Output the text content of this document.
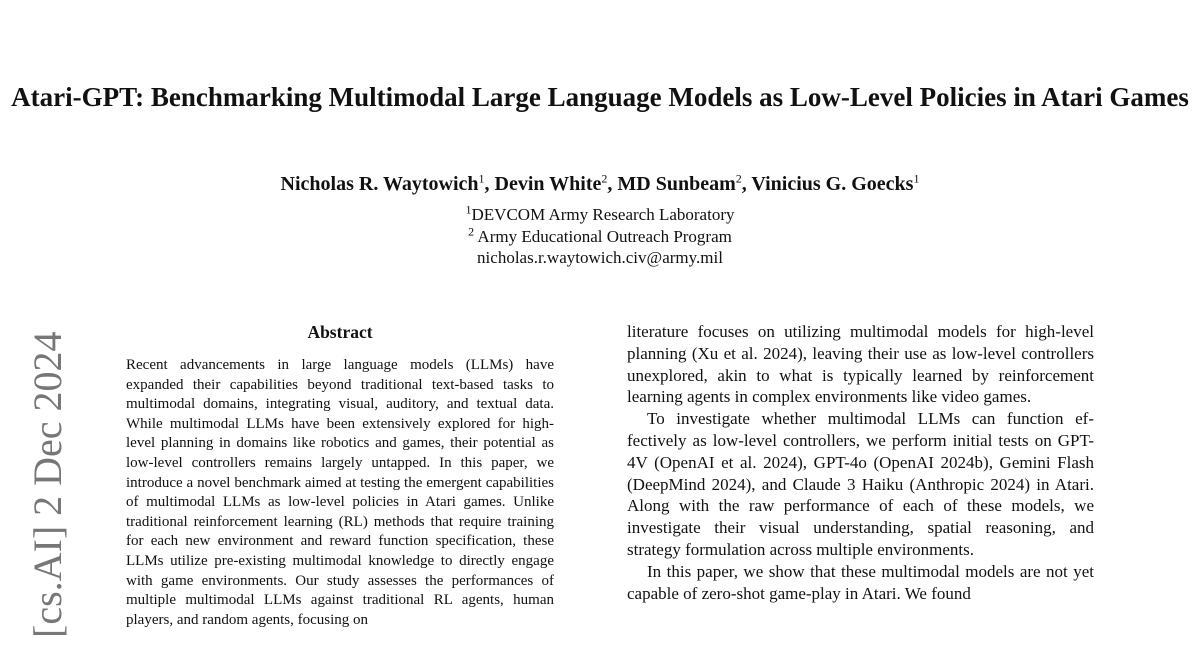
[cs.AI] 2 Dec 2024
Atari-GPT: Benchmarking Multimodal Large Language Models as Low-Level Policies in Atari Games
Nicholas R. Waytowich$^1$, Devin White$^2$, MD Sunbeam$^2$, Vinicius G. Goecks$^1$
$^1$DEVCOM Army Research Laboratory
$^2$ Army Educational Outreach Program
nicholas.r.waytowich.civ@army.mil
Abstract

Recent advancements in large language models (LLMs) have expanded their capabilities beyond traditional text-based tasks to multimodal domains, integrating visual, auditory, and textual data. While multimodal LLMs have been extensively explored for high-level planning in domains like robotics and games, their potential as low-level controllers remains largely untapped. In this paper, we introduce a novel benchmark aimed at testing the emergent capabilities of multimodal LLMs as low-level policies in Atari games. Unlike traditional reinforcement learning (RL) methods that require training for each new environment and reward function specification, these LLMs utilize pre-existing multimodal knowledge to directly engage with game environments. Our study assesses the performances of multiple multimodal LLMs against traditional RL agents, human players, and random agents, focusing on

literature focuses on utilizing multimodal models for high-level planning (Xu et al. 2024), leaving their use as low-level controllers unexplored, akin to what is typically learned by reinforcement learning agents in complex environments like video games.

To investigate whether multimodal LLMs can function effectively as low-level controllers, we perform initial tests on GPT-4V (OpenAI et al. 2024), GPT-4o (OpenAI 2024b), Gemini Flash (DeepMind 2024), and Claude 3 Haiku (Anthropic 2024) in Atari. Along with the raw performance of each of these models, we investigate their visual understanding, spatial reasoning, and strategy formulation across multiple environments.

In this paper, we show that these multimodal models are not yet capable of zero-shot game-play in Atari. We found
